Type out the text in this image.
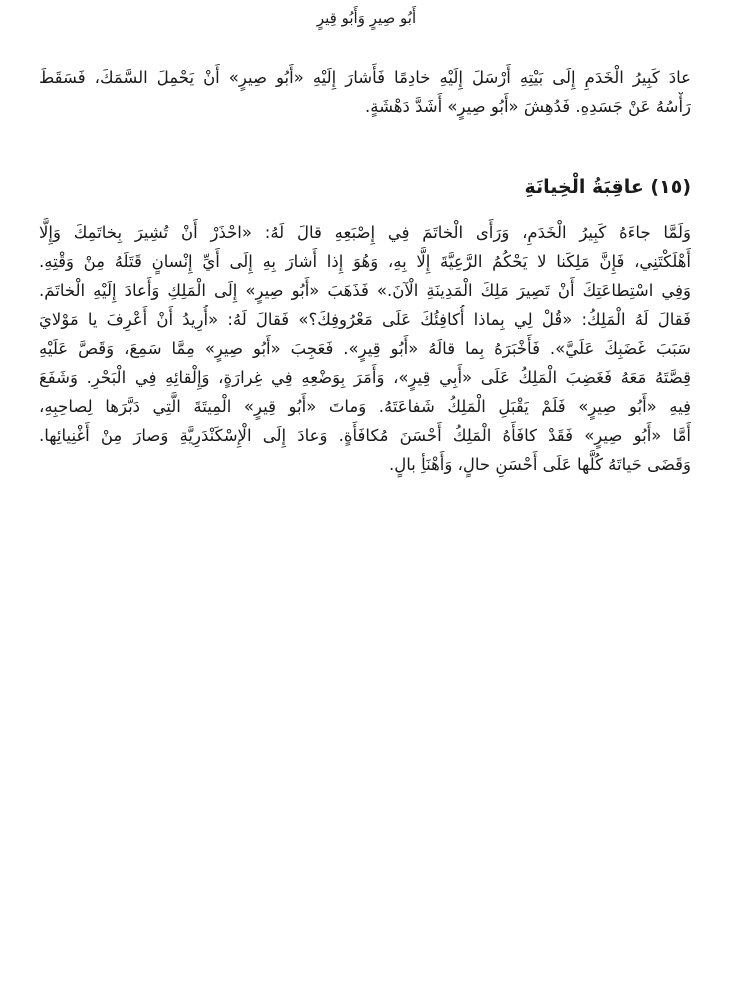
أَبُو صِيرٍ وَأَبُو قِيرٍ

عادَ كَبِيرُ الْخَدَمِ إِلَى بَيْتِهِ أَرْسَلَ إِلَيْهِ خادِمًا فَأَشارَ إِلَيْهِ «أَبُو صِيرٍ» أَنْ يَحْمِلَ السَّمَكَ، فَسَقَطَ
رَأْسُهُ عَنْ جَسَدِهِ. فَدُهِشَ «أَبُو صِيرٍ» أَشَدَّ دَهْشَةٍ.

(١٥) عاقِبَةُ الْخِيانَةِ

وَلَمَّا جاءَهُ كَبِيرُ الْخَدَمِ، وَرَأَى الْخاتَمَ فِي إِصْبَعِهِ قالَ لَهُ: «احْذَرْ أَنْ تُشِيرَ بِخاتَمِكَ وَإِلَّا
أَهْلَكْتَنِي، فَإِنَّ مَلِكَنا لا يَحْكُمُ الرَّعِيَّةَ إِلَّا بِهِ، وَهُوَ إِذا أَشارَ بِهِ إِلَى أَيِّ إِنْسانٍ قَتَلَهُ مِنْ وَقْتِهِ.
وَفِي اسْتِطاعَتِكَ أَنْ تَصِيرَ مَلِكَ الْمَدِينَةِ الْآنَ.» فَذَهَبَ «أَبُو صِيرٍ» إِلَى الْمَلِكِ وَأَعادَ إِلَيْهِ الْخاتَمَ.
فَقالَ لَهُ الْمَلِكُ: «قُلْ لِي بِماذا أُكافِئُكَ عَلَى مَعْرُوفِكَ؟» فَقالَ لَهُ: «أُرِيدُ أَنْ أَعْرِفَ يا مَوْلايَ
سَبَبَ غَضَبِكَ عَلَيَّ». فَأَخْبَرَهُ بِما قالَهُ «أَبُو قِيرٍ». فَعَجِبَ «أَبُو صِيرٍ» مِمَّا سَمِعَ، وَقَصَّ عَلَيْهِ
قِصَّتَهُ مَعَهُ فَغَضِبَ الْمَلِكُ عَلَى «أَبِي قِيرٍ»، وَأَمَرَ بِوَضْعِهِ فِي غِرارَةٍ، وَإِلْقائِهِ فِي الْبَحْرِ. وَشَفَعَ
فِيهِ «أَبُو صِيرٍ» فَلَمْ يَقْبَلِ الْمَلِكُ شَفاعَتَهُ. وَماتَ «أَبُو قِيرٍ» الْمِيتَةَ الَّتِي دَبَّرَها لِصاحِبِهِ،
أَمَّا «أَبُو صِيرٍ» فَقَدْ كافَأَهُ الْمَلِكُ أَحْسَنَ مُكافَأَةٍ. وَعادَ إِلَى الْإِسْكَنْدَرِيَّةِ وَصارَ مِنْ أَغْنِيائِها.
وَقَضَى حَياتَهُ كُلَّها عَلَى أَحْسَنِ حالٍ، وَأَهْنَأِ بالٍ.
